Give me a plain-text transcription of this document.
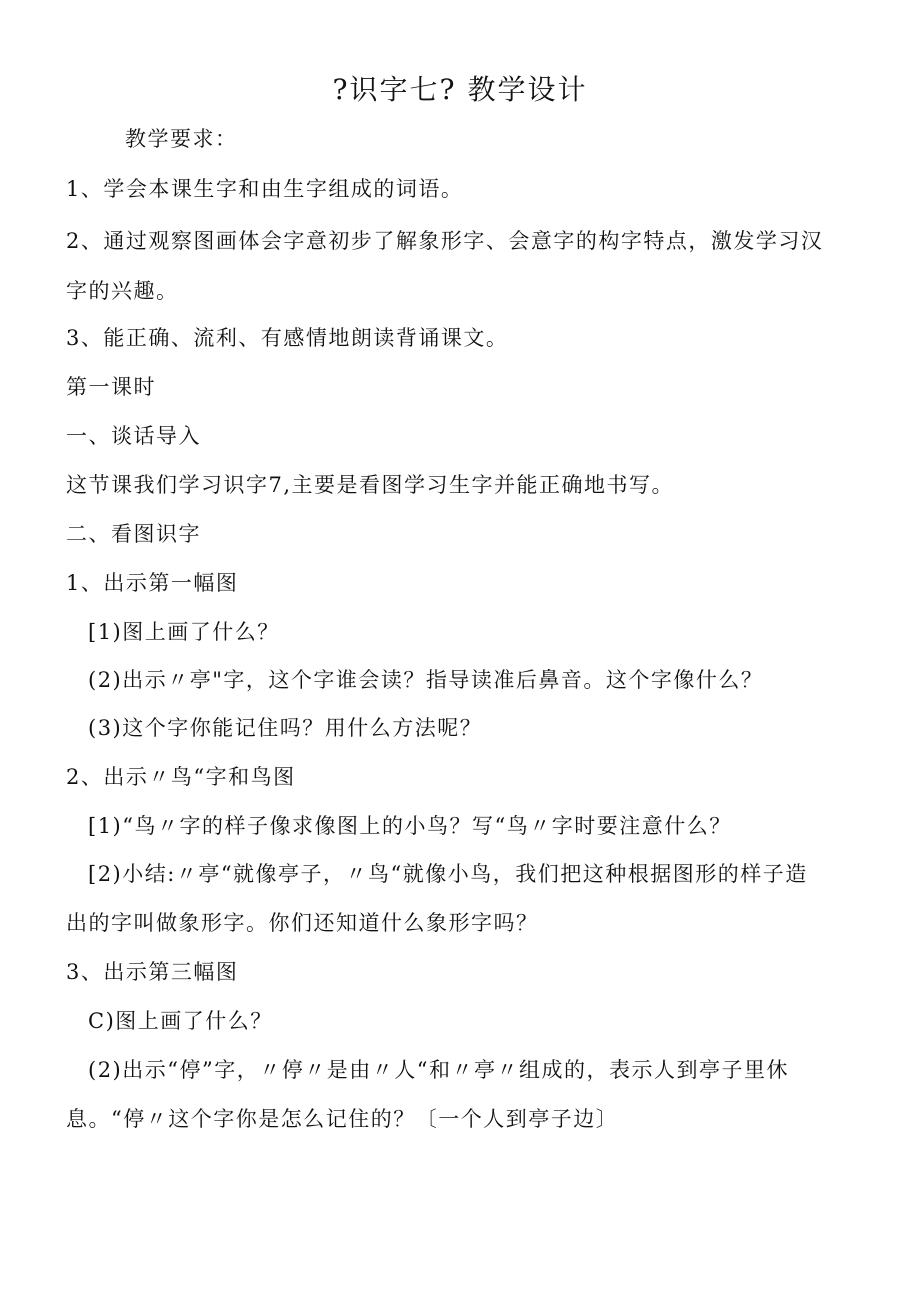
?识字七? 教学设计
教学要求：
1、学会本课生字和由生字组成的词语。
2、通过观察图画体会字意初步了解象形字、会意字的构字特点，激发学习汉
字的兴趣。
3、能正确、流利、有感情地朗读背诵课文。
第一课时
一、谈话导入
这节课我们学习识字7,主要是看图学习生字并能正确地书写。
二、看图识字
1、出示第一幅图
[1)图上画了什么？
(2)出示〃亭"字，这个字谁会读？指导读准后鼻音。这个字像什么？
(3)这个字你能记住吗？用什么方法呢？
2、出示〃鸟“字和鸟图
[1)“鸟〃字的样子像求像图上的小鸟？写“鸟〃字时要注意什么？
[2)小结:〃亭“就像亭子，〃鸟“就像小鸟，我们把这种根据图形的样子造
出的字叫做象形字。你们还知道什么象形字吗？
3、出示第三幅图
C)图上画了什么？
(2)出示“停”字，〃停〃是由〃人“和〃亭〃组成的，表示人到亭子里休
息。“停〃这个字你是怎么记住的？〔一个人到亭子边〕
